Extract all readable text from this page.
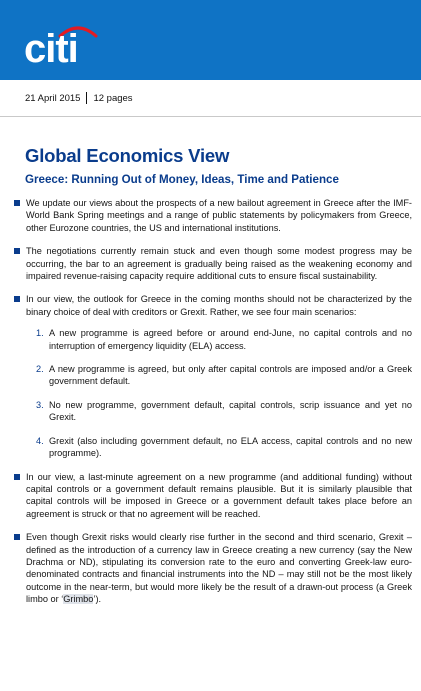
citi
21 April 2015 12 pages
Global Economics View
Greece: Running Out of Money, Ideas, Time and Patience
We update our views about the prospects of a new bailout agreement in Greece after the IMF-World Bank Spring meetings and a range of public statements by policymakers from Greece, other Eurozone countries, the US and international institutions.
The negotiations currently remain stuck and even though some modest progress may be occurring, the bar to an agreement is gradually being raised as the weakening economy and impaired revenue-raising capacity require additional cuts to ensure fiscal sustainability.
In our view, the outlook for Greece in the coming months should not be characterized by the binary choice of deal with creditors or Grexit. Rather, we see four main scenarios:
1. A new programme is agreed before or around end-June, no capital controls and no interruption of emergency liquidity (ELA) access.
2. A new programme is agreed, but only after capital controls are imposed and/or a Greek government default.
3. No new programme, government default, capital controls, scrip issuance and yet no Grexit.
4. Grexit (also including government default, no ELA access, capital controls and no new programme).
In our view, a last-minute agreement on a new programme (and additional funding) without capital controls or a government default remains plausible. But it is similarly plausible that capital controls will be imposed in Greece or a government default takes place before an agreement is struck or that no agreement will be reached.
Even though Grexit risks would clearly rise further in the second and third scenario, Grexit – defined as the introduction of a currency law in Greece creating a new currency (say the New Drachma or ND), stipulating its conversion rate to the euro and converting Greek-law euro-denominated contracts and financial instruments into the ND – may still not be the most likely outcome in the near-term, but would more likely be the result of a drawn-out process (a Greek limbo or ‘Grimbo’).
